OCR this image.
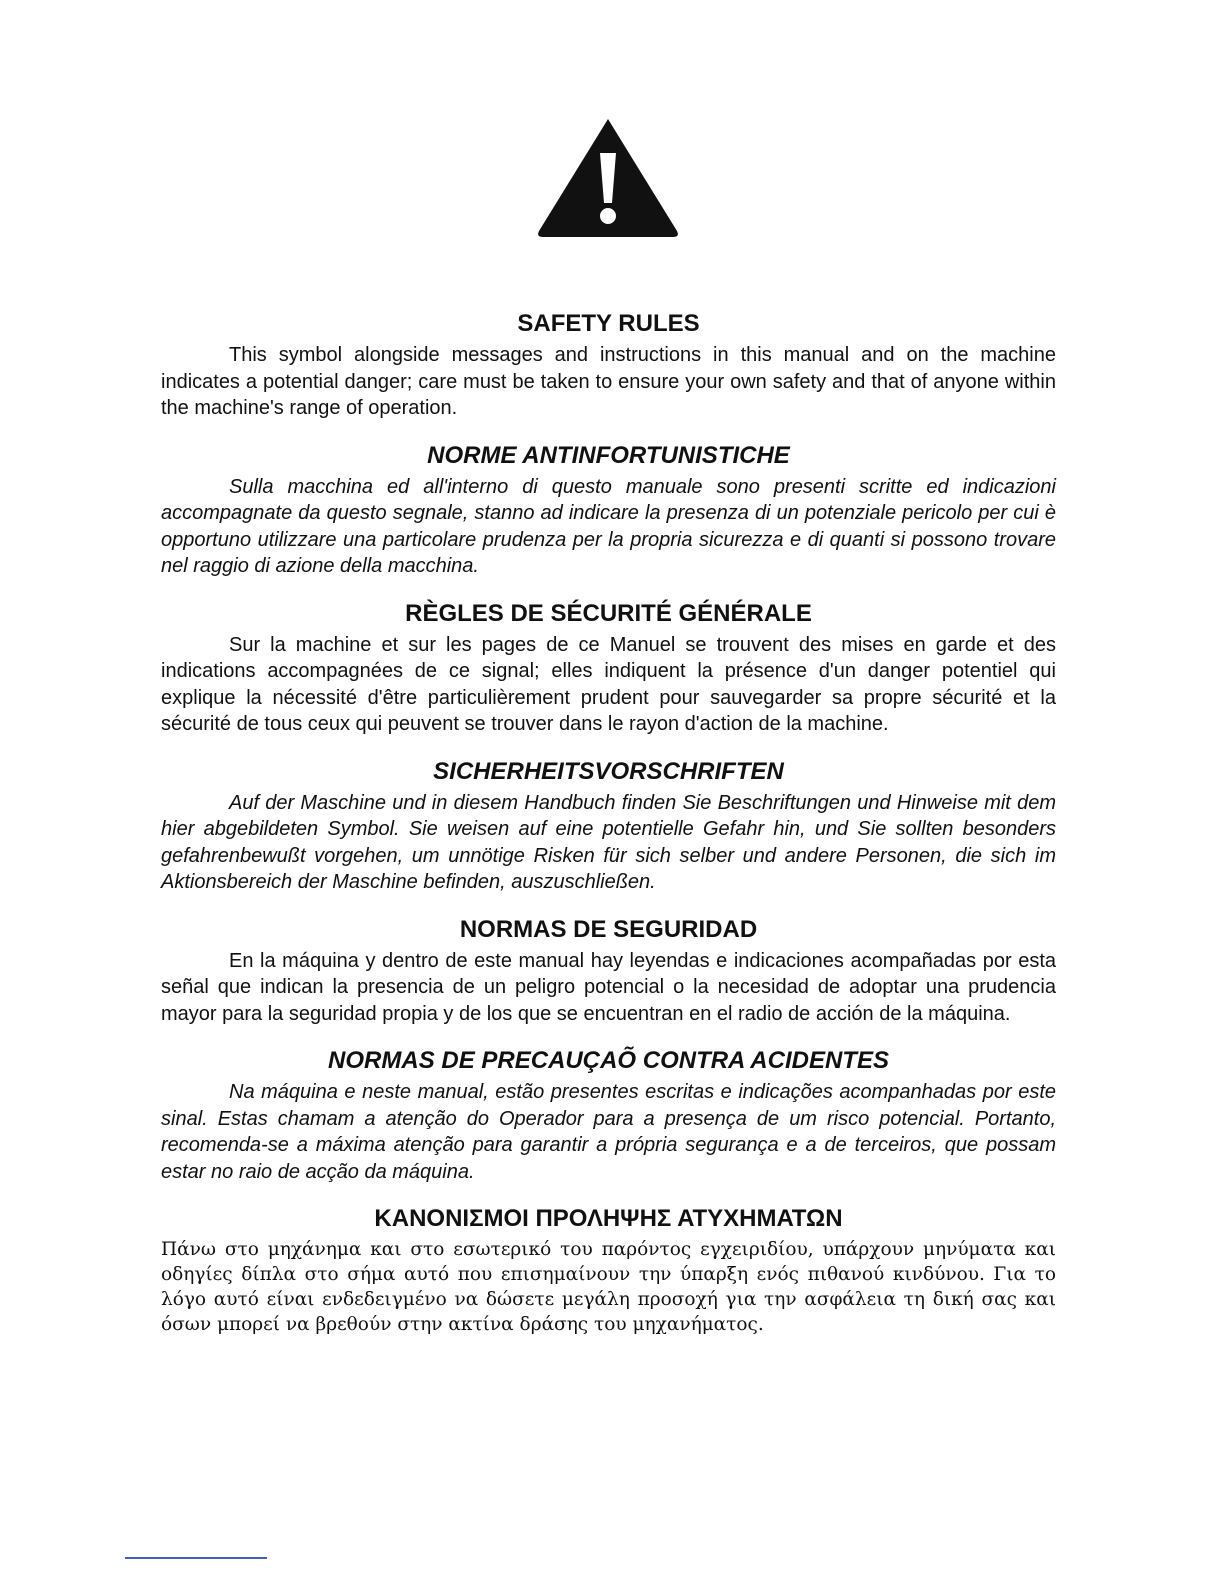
SAFETY RULES

This symbol alongside messages and instructions in this manual and on the machine indicates a potential danger; care must be taken to ensure your own safety and that of anyone within the machine's range of operation.

NORME ANTINFORTUNISTICHE

Sulla macchina ed all'interno di questo manuale sono presenti scritte ed indicazioni accompagnate da questo segnale, stanno ad indicare la presenza di un potenziale pericolo per cui è opportuno utilizzare una particolare prudenza per la propria sicurezza e di quanti si possono trovare nel raggio di azione della macchina.

RÈGLES DE SÉCURITÉ GÉNÉRALE

Sur la machine et sur les pages de ce Manuel se trouvent des mises en garde et des indications accompagnées de ce signal; elles indiquent la présence d'un danger potentiel qui explique la nécessité d'être particulièrement prudent pour sauvegarder sa propre sécurité et la sécurité de tous ceux qui peuvent se trouver dans le rayon d'action de la machine.

SICHERHEITSVORSCHRIFTEN

Auf der Maschine und in diesem Handbuch finden Sie Beschriftungen und Hinweise mit dem hier abgebildeten Symbol. Sie weisen auf eine potentielle Gefahr hin, und Sie sollten besonders gefahrenbewußt vorgehen, um unnötige Risken für sich selber und andere Personen, die sich im Aktionsbereich der Maschine befinden, auszuschließen.

NORMAS DE SEGURIDAD

En la máquina y dentro de este manual hay leyendas e indicaciones acompañadas por esta señal que indican la presencia de un peligro potencial o la necesidad de adoptar una prudencia mayor para la seguridad propia y de los que se encuentran en el radio de acción de la máquina.

NORMAS DE PRECAUÇAÕ CONTRA ACIDENTES

Na máquina e neste manual, estão presentes escritas e indicações acompanhadas por este sinal. Estas chamam a atenção do Operador para a presença de um risco potencial. Portanto, recomenda-se a máxima atenção para garantir a própria segurança e a de terceiros, que possam estar no raio de acção da máquina.

ΚΑΝΟΝΙΣΜΟΙ ΠΡΟΛΗΨΗΣ ΑΤΥΧΗΜΑΤΩΝ

Πάνω στο μηχάνημα και στο εσωτερικό του παρόντος εγχειριδίου, υπάρχουν μηνύματα και οδηγίες δίπλα στο σήμα αυτό που επισημαίνουν την ύπαρξη ενός πιθανού κινδύνου. Για το λόγο αυτό είναι ενδεδειγμένο να δώσετε μεγάλη προσοχή για την ασφάλεια τη δική σας και όσων μπορεί να βρεθούν στην ακτίνα δράσης του μηχανήματος.
